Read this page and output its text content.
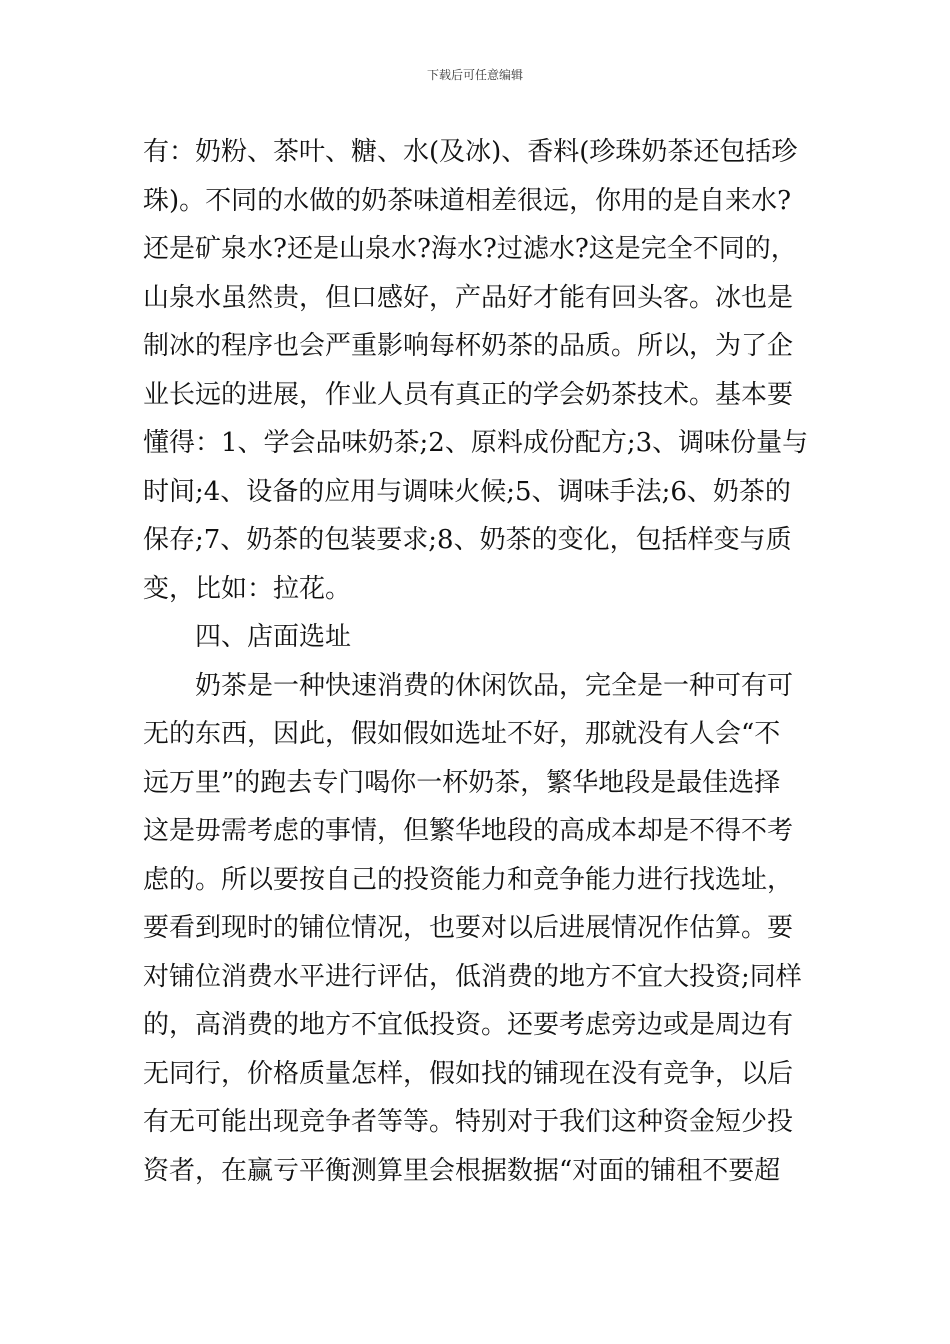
下载后可任意编辑
有：奶粉、茶叶、糖、水(及冰)、香料(珍珠奶茶还包括珍
珠)。不同的水做的奶茶味道相差很远，你用的是自来水?
还是矿泉水?还是山泉水?海水?过滤水?这是完全不同的，
山泉水虽然贵，但口感好，产品好才能有回头客。冰也是
制冰的程序也会严重影响每杯奶茶的品质。所以，为了企
业长远的进展，作业人员有真正的学会奶茶技术。基本要
懂得：1、学会品味奶茶;2、原料成份配方;3、调味份量与
时间;4、设备的应用与调味火候;5、调味手法;6、奶茶的
保存;7、奶茶的包装要求;8、奶茶的变化，包括样变与质
变，比如：拉花。
四、店面选址
奶茶是一种快速消费的休闲饮品，完全是一种可有可
无的东西，因此，假如假如选址不好，那就没有人会“不
远万里”的跑去专门喝你一杯奶茶，繁华地段是最佳选择
这是毋需考虑的事情，但繁华地段的高成本却是不得不考
虑的。所以要按自己的投资能力和竞争能力进行找选址，
要看到现时的铺位情况，也要对以后进展情况作估算。要
对铺位消费水平进行评估，低消费的地方不宜大投资;同样
的，高消费的地方不宜低投资。还要考虑旁边或是周边有
无同行，价格质量怎样，假如找的铺现在没有竞争，以后
有无可能出现竞争者等等。特别对于我们这种资金短少投
资者，在赢亏平衡测算里会根据数据“对面的铺租不要超
